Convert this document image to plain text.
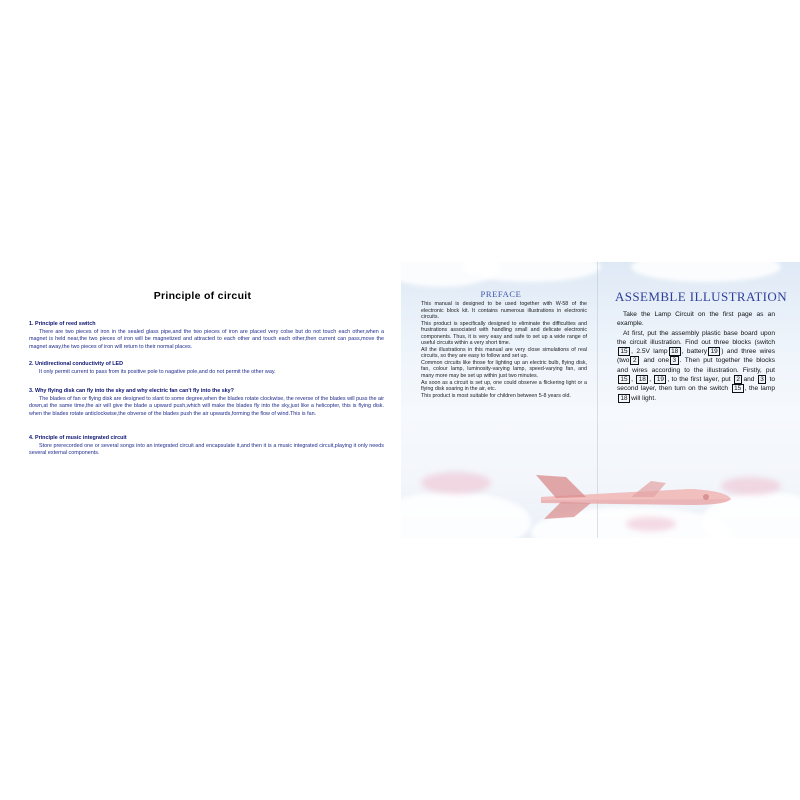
Principle of circuit
1. Principle of reed switch
There are two pieces of iron in the sealed glass pipe,and the two pieces of iron are placed very colse but do not touch each other,when a magnet is held near,the two pieces of iron will be magnetized and attracted to each other and touch each other,then current can pass,move the magnet away,the two pieces of iron will return to their normal places.
2. Unidirectional conductivity of LED
It only permit current to pass from its positive pole to nagative pole,and do not permit the other way.
3. Why flying disk can fly into the sky and why electric fan can't fly into the sky?
The blades of fan or flying disk are designed to slant to some degree,when the blades rotate clockwise, the reverse of the blades will puss the air down,at the same time,the air will give the blade a upward push,which will make the blades fly into the sky,just like a helicopter, this is flying disk. when the blades rotate anticlockwise,the obverse of the blades push the air upwards,forming the flow of wind.This is fan.
4. Principle of music integrated circuit
Store prerecorded one or several songs into an integrated circuit and encapsulate it,and then it is a music integrated circuit,playing it only needs several external components.
PREFACE

This manual is designed to be used together with W-58 of the electronic block kit. It contains numerous illustrations in electronic circuits.

This product is specifically designed to eliminate the difficulties and frustrations associated with handling small and delicate electronic components. Thus, it is very easy and safe to set up a wide range of useful circuits within a very short time.

All the illustrations in this manual are very close simulations of real circuits, so they are easy to follow and set up.

Common circuits like those for lighting up an electric bulb, flying disk, fan, colour lamp, luminosity-varying lamp, speed-varying fan, and many more may be set up within just two minutes.

As soon as a circuit is set up, one could observe a flickering light or a flying disk soaring in the air, etc.

This product is most suitable for children between 5-8 years old.

ASSEMBLE ILLUSTRATION

Take the Lamp Circuit on the first page as an example.

At first, put the assembly plastic base board upon the circuit illustration. Find out three blocks (switch15 , 2.5V lamp 18 , battery 19 ) and three wires (two 2 and one 3 . Then put together the blocks and wires according to the illustration. Firstly, put 15 , 18 , 19 , to the first layer, put 2 and 3 to second layer, then turn on the switch 15 , the lamp 18 will light.
